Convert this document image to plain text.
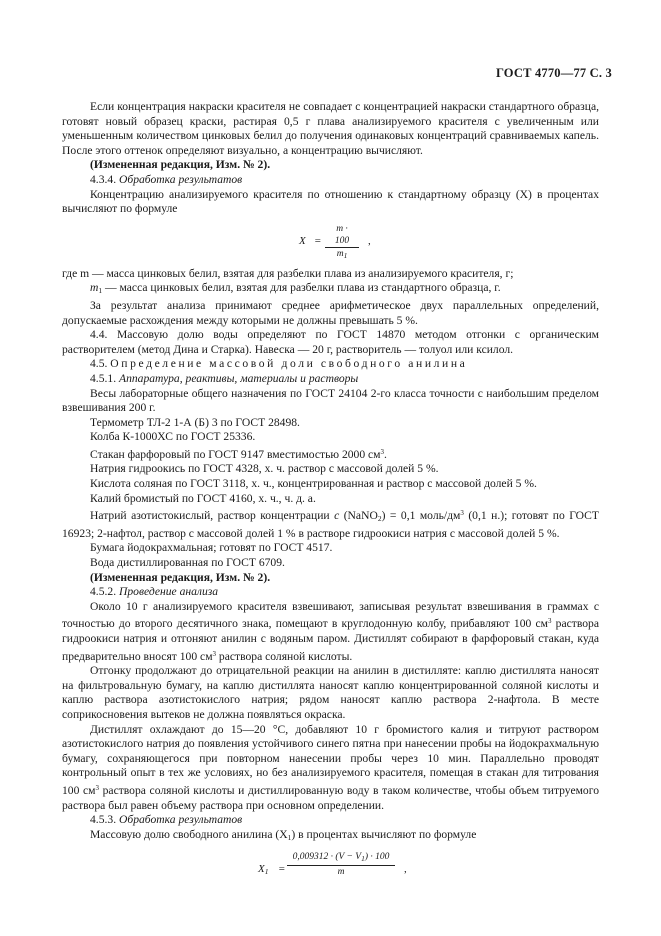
ГОСТ 4770—77 С. 3

Если концентрация накраски красителя не совпадает с концентрацией накраски стандартного образца, готовят новый образец краски, растирая 0,5 г плава анализируемого красителя с увеличенным или уменьшенным количеством цинковых белил до получения одинаковых концентраций сравниваемых капель. После этого оттенок определяют визуально, а концентрацию вычисляют.

(Измененная редакция, Изм. № 2).

4.3.4. Обработка результатов

Концентрацию анализируемого красителя по отношению к стандартному образцу (X) в процентах вычисляют по формуле

X =
m · 100
$m_1$
,

где m — масса цинковых белил, взятая для разбелки плава из анализируемого красителя, г;

$m_1$ — масса цинковых белил, взятая для разбелки плава из стандартного образца, г.

За результат анализа принимают среднее арифметическое двух параллельных определений, допускаемые расхождения между которыми не должны превышать 5 %.

4.4. Массовую долю воды определяют по ГОСТ 14870 методом отгонки с органическим растворителем (метод Дина и Старка). Навеска — 20 г, растворитель — толуол или ксилол.

4.5. Определение массовой доли свободного анилина

4.5.1. Аппаратура, реактивы, материалы и растворы

Весы лабораторные общего назначения по ГОСТ 24104 2-го класса точности с наибольшим пределом взвешивания 200 г.

Термометр ТЛ-2 1-А (Б) 3 по ГОСТ 28498.

Колба К-1000ХС по ГОСТ 25336.

Стакан фарфоровый по ГОСТ 9147 вместимостью 2000 $см^3$.

Натрия гидроокись по ГОСТ 4328, х. ч. раствор с массовой долей 5 %.

Кислота соляная по ГОСТ 3118, х. ч., концентрированная и раствор с массовой долей 5 %.

Калий бромистый по ГОСТ 4160, х. ч., ч. д. а.

Натрий азотистокислый, раствор концентрации c (NaNO$_2$) = 0,1 моль/$дм^3$ (0,1 н.); готовят по ГОСТ 16923; 2-нафтол, раствор с массовой долей 1 % в растворе гидроокиси натрия с массовой долей 5 %.

Бумага йодокрахмальная; готовят по ГОСТ 4517.

Вода дистиллированная по ГОСТ 6709.

(Измененная редакция, Изм. № 2).

4.5.2. Проведение анализа

Около 10 г анализируемого красителя взвешивают, записывая результат взвешивания в граммах с точностью до второго десятичного знака, помещают в круглодонную колбу, прибавляют 100 $см^3$ раствора гидроокиси натрия и отгоняют анилин с водяным паром. Дистиллят собирают в фарфоровый стакан, куда предварительно вносят 100 $см^3$ раствора соляной кислоты.

Отгонку продолжают до отрицательной реакции на анилин в дистилляте: каплю дистиллята наносят на фильтровальную бумагу, на каплю дистиллята наносят каплю концентрированной соляной кислоты и каплю раствора азотистокислого натрия; рядом наносят каплю раствора 2-нафтола. В месте соприкосновения вытеков не должна появляться окраска.

Дистиллят охлаждают до 15—20 °С, добавляют 10 г бромистого калия и титруют раствором азотистокислого натрия до появления устойчивого синего пятна при нанесении пробы на йодокрахмальную бумагу, сохраняющегося при повторном нанесении пробы через 10 мин. Параллельно проводят контрольный опыт в тех же условиях, но без анализируемого красителя, помещая в стакан для титрования 100 $см^3$ раствора соляной кислоты и дистиллированную воду в таком количестве, чтобы объем титруемого раствора был равен объему раствора при основном определении.

4.5.3. Обработка результатов

Массовую долю свободного анилина $(X_1)$ в процентах вычисляют по формуле

$X_1$ =
$0,009312 \cdot (V - V_1) \cdot 100$
m	,
